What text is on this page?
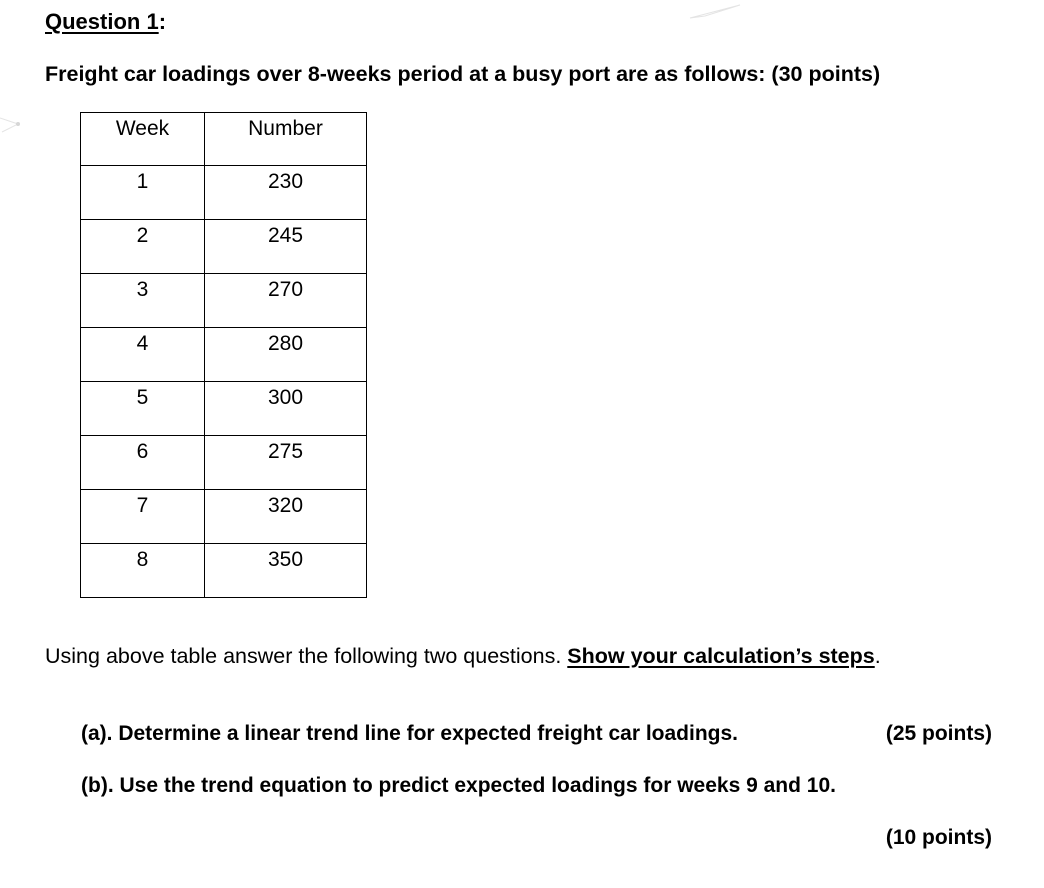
Question 1:
Freight car loadings over 8-weeks period at a busy port are as follows: (30 points)
Week	Number
1	230
2	245
3	270
4	280
5	300
6	275
7	320
8	350
Using above table answer the following two questions. Show your calculation’s steps.
(a). Determine a linear trend line for expected freight car loadings.	(25 points)
(b). Use the trend equation to predict expected loadings for weeks 9 and 10.
(10 points)
